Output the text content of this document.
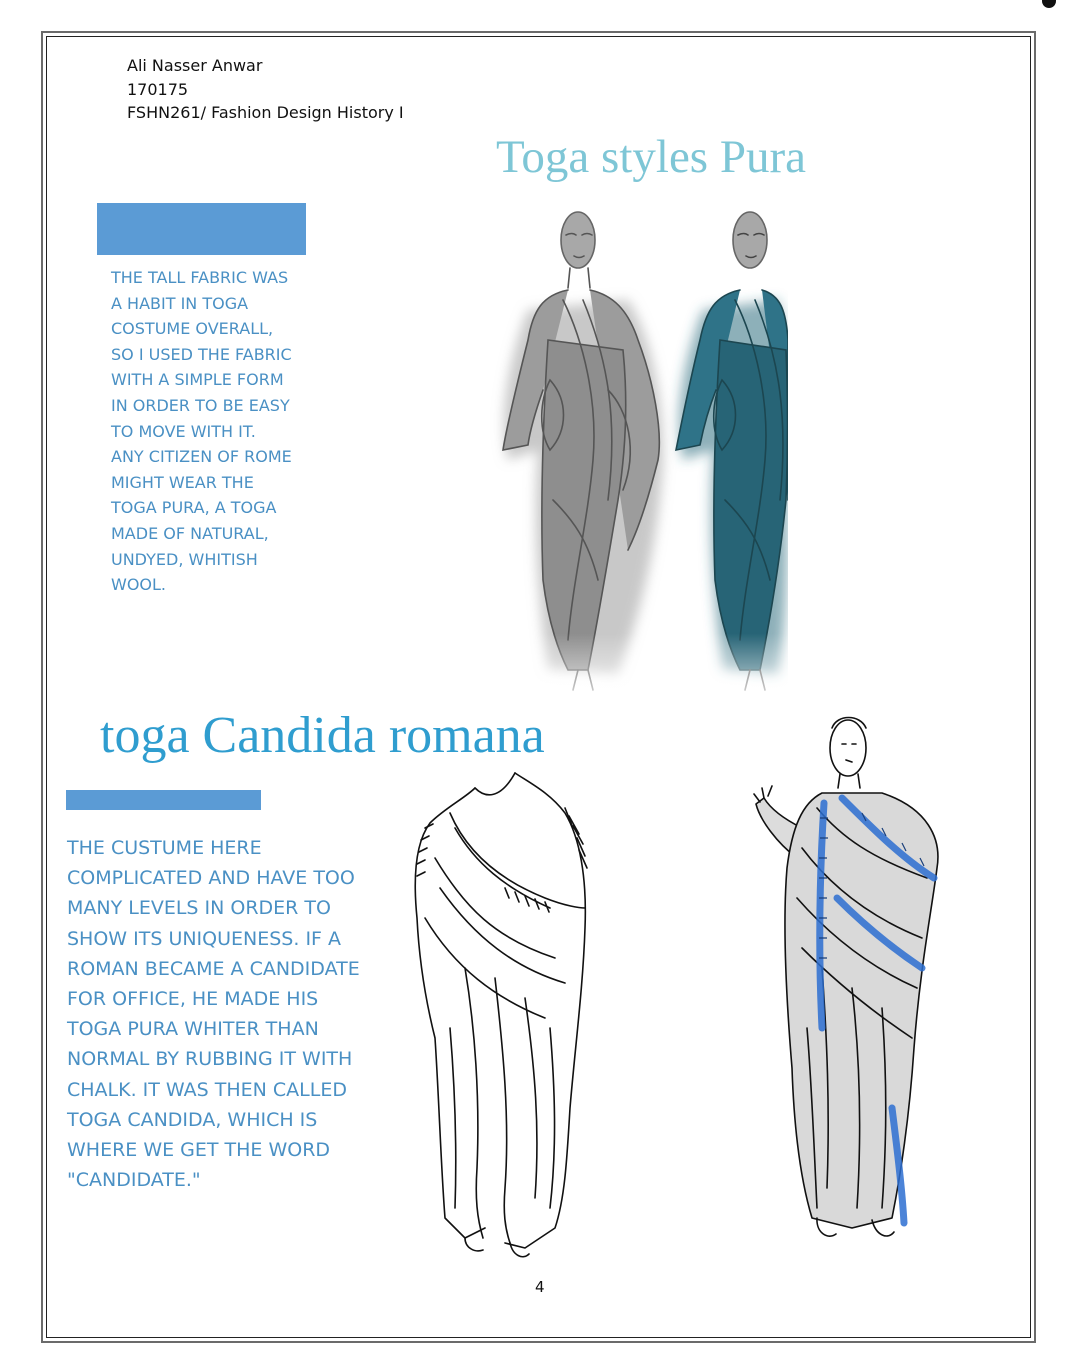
Ali Nasser Anwar
170175
FSHN261/ Fashion Design History I
Toga styles Pura
THE TALL FABRIC WAS
A HABIT IN TOGA
COSTUME OVERALL,
SO I USED THE FABRIC
WITH A SIMPLE FORM
IN ORDER TO BE EASY
TO MOVE WITH IT.
ANY CITIZEN OF ROME
MIGHT WEAR THE
TOGA PURA, A TOGA
MADE OF NATURAL,
UNDYED, WHITISH
WOOL.
toga Candida romana
THE CUSTUME HERE
COMPLICATED AND HAVE TOO
MANY LEVELS IN ORDER TO
SHOW ITS UNIQUENESS. IF A
ROMAN BECAME A CANDIDATE
FOR OFFICE, HE MADE HIS
TOGA PURA WHITER THAN
NORMAL BY RUBBING IT WITH
CHALK. IT WAS THEN CALLED
TOGA CANDIDA, WHICH IS
WHERE WE GET THE WORD
"CANDIDATE."
4
